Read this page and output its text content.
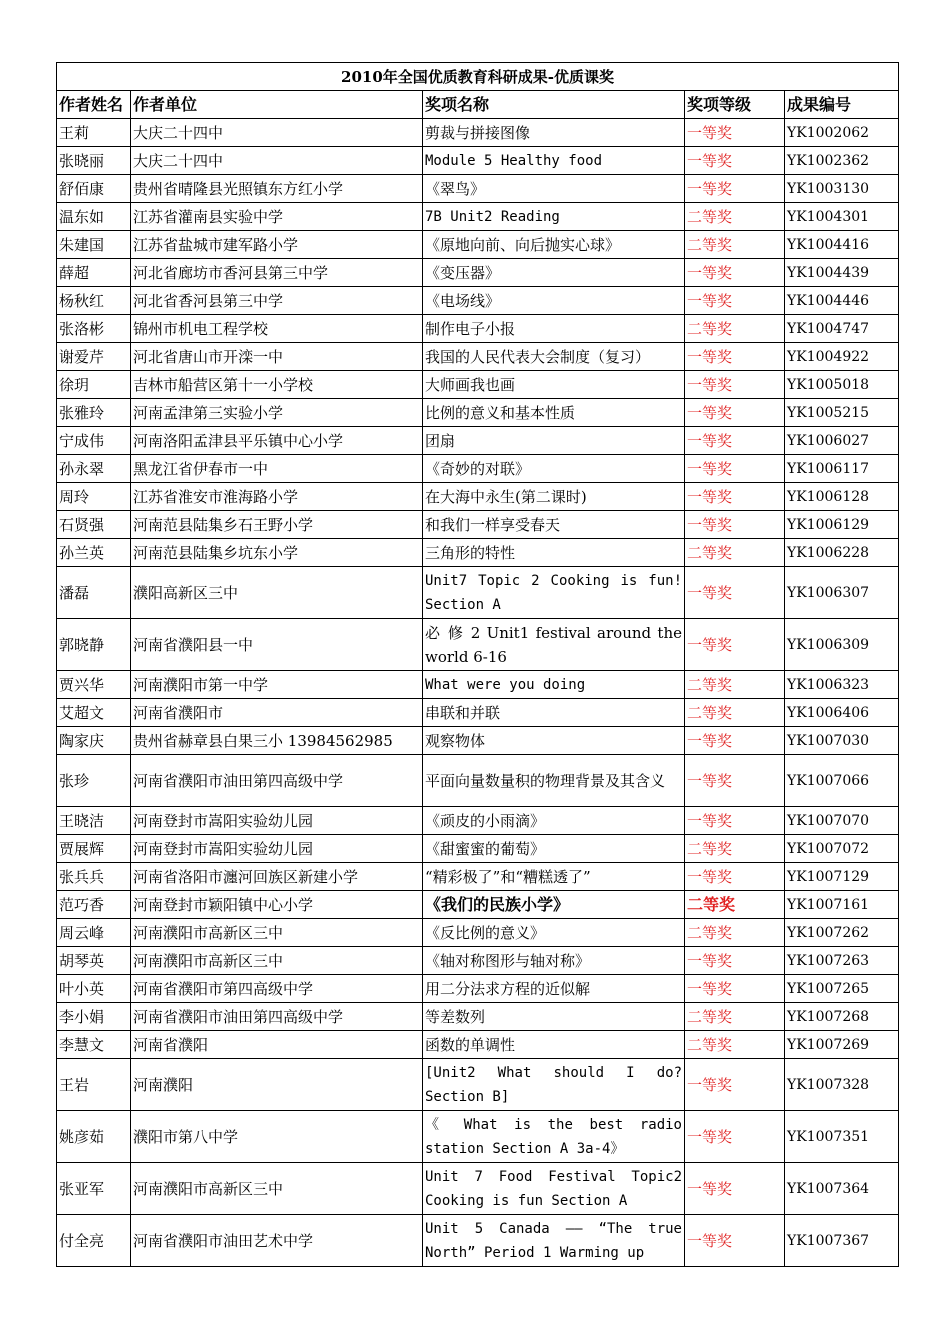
2010年全国优质教育科研成果-优质课奖				
作者姓名	作者单位	奖项名称	奖项等级	成果编号
王莉	大庆二十四中	剪裁与拼接图像	一等奖	YK1002062
张晓丽	大庆二十四中	Module 5 Healthy food	一等奖	YK1002362
舒佰康	贵州省晴隆县光照镇东方红小学	《翠鸟》	一等奖	YK1003130
温东如	江苏省灌南县实验中学	7B Unit2 Reading	二等奖	YK1004301
朱建国	江苏省盐城市建军路小学	《原地向前、向后抛实心球》	二等奖	YK1004416
薛超	河北省廊坊市香河县第三中学	《变压器》	一等奖	YK1004439
杨秋红	河北省香河县第三中学	《电场线》	一等奖	YK1004446
张洛彬	锦州市机电工程学校	制作电子小报	二等奖	YK1004747
谢爱芹	河北省唐山市开滦一中	我国的人民代表大会制度（复习）	一等奖	YK1004922
徐玥	吉林市船营区第十一小学校	大师画我也画	一等奖	YK1005018
张雅玲	河南孟津第三实验小学	比例的意义和基本性质	一等奖	YK1005215
宁成伟	河南洛阳孟津县平乐镇中心小学	团扇	一等奖	YK1006027
孙永翠	黑龙江省伊春市一中	《奇妙的对联》	一等奖	YK1006117
周玲	江苏省淮安市淮海路小学	在大海中永生(第二课时)	一等奖	YK1006128
石贤强	河南范县陆集乡石王野小学	和我们一样享受春天	一等奖	YK1006129
孙兰英	河南范县陆集乡坑东小学	三角形的特性	二等奖	YK1006228
潘磊	濮阳高新区三中	Unit7 Topic 2 Cooking is fun! Section A	一等奖	YK1006307
郭晓静	河南省濮阳县一中	必 修 2 Unit1 festival around the world 6-16	一等奖	YK1006309
贾兴华	河南濮阳市第一中学	What were you doing	二等奖	YK1006323
艾超文	河南省濮阳市	串联和并联	二等奖	YK1006406
陶家庆	贵州省赫章县白果三小 13984562985	观察物体	一等奖	YK1007030
张珍	河南省濮阳市油田第四高级中学	平面向量数量积的物理背景及其含义	一等奖	YK1007066
王晓洁	河南登封市嵩阳实验幼儿园	《顽皮的小雨滴》	一等奖	YK1007070
贾展辉	河南登封市嵩阳实验幼儿园	《甜蜜蜜的葡萄》	二等奖	YK1007072
张兵兵	河南省洛阳市瀍河回族区新建小学	“精彩极了”和“糟糕透了”	一等奖	YK1007129
范巧香	河南登封市颖阳镇中心小学	《我们的民族小学》	二等奖	YK1007161
周云峰	河南濮阳市高新区三中	《反比例的意义》	二等奖	YK1007262
胡琴英	河南濮阳市高新区三中	《轴对称图形与轴对称》	一等奖	YK1007263
叶小英	河南省濮阳市第四高级中学	用二分法求方程的近似解	一等奖	YK1007265
李小娟	河南省濮阳市油田第四高级中学	等差数列	二等奖	YK1007268
李慧文	河南省濮阳	函数的单调性	二等奖	YK1007269
王岩	河南濮阳	[Unit2 What should I do? Section B]	一等奖	YK1007328
姚彦茹	濮阳市第八中学	《 What is the best radio station Section A 3a-4》	一等奖	YK1007351
张亚军	河南濮阳市高新区三中	Unit 7 Food Festival Topic2 Cooking is fun Section A	一等奖	YK1007364
付全亮	河南省濮阳市油田艺术中学	Unit 5 Canada —— “The true North” Period 1 Warming up	一等奖	YK1007367
